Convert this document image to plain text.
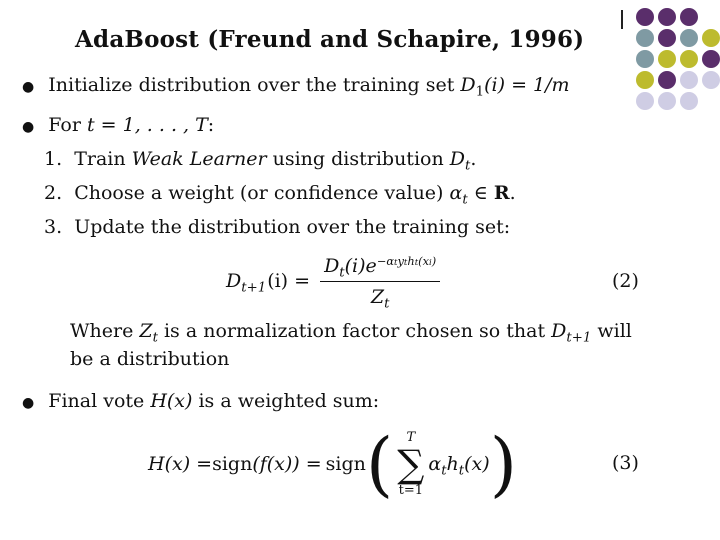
AdaBoost (Freund and Schapire, 1996)
● Initialize distribution over the training set $D_1(i) = 1/m$
● For t = 1, . . . , T:
1. Train Weak Learner using distribution $D_t$.
2. Choose a weight (or confidence value) $\alpha_t$ ∈ R.
3. Update the distribution over the training set:
$D_{t+1}(i) = \frac{D_t(i)e^{-\alpha tytht(xi)}}{Z_t}$	(2)
Where $Z_t$ is a normalization factor chosen so that $D_{t+1}$ will
be a distribution
● Final vote H(x) is a weighted sum:
H(x) = sign (f(x)) = sign ( T
∑
t=1
$\alpha_th_t(x)$ )	(3)
